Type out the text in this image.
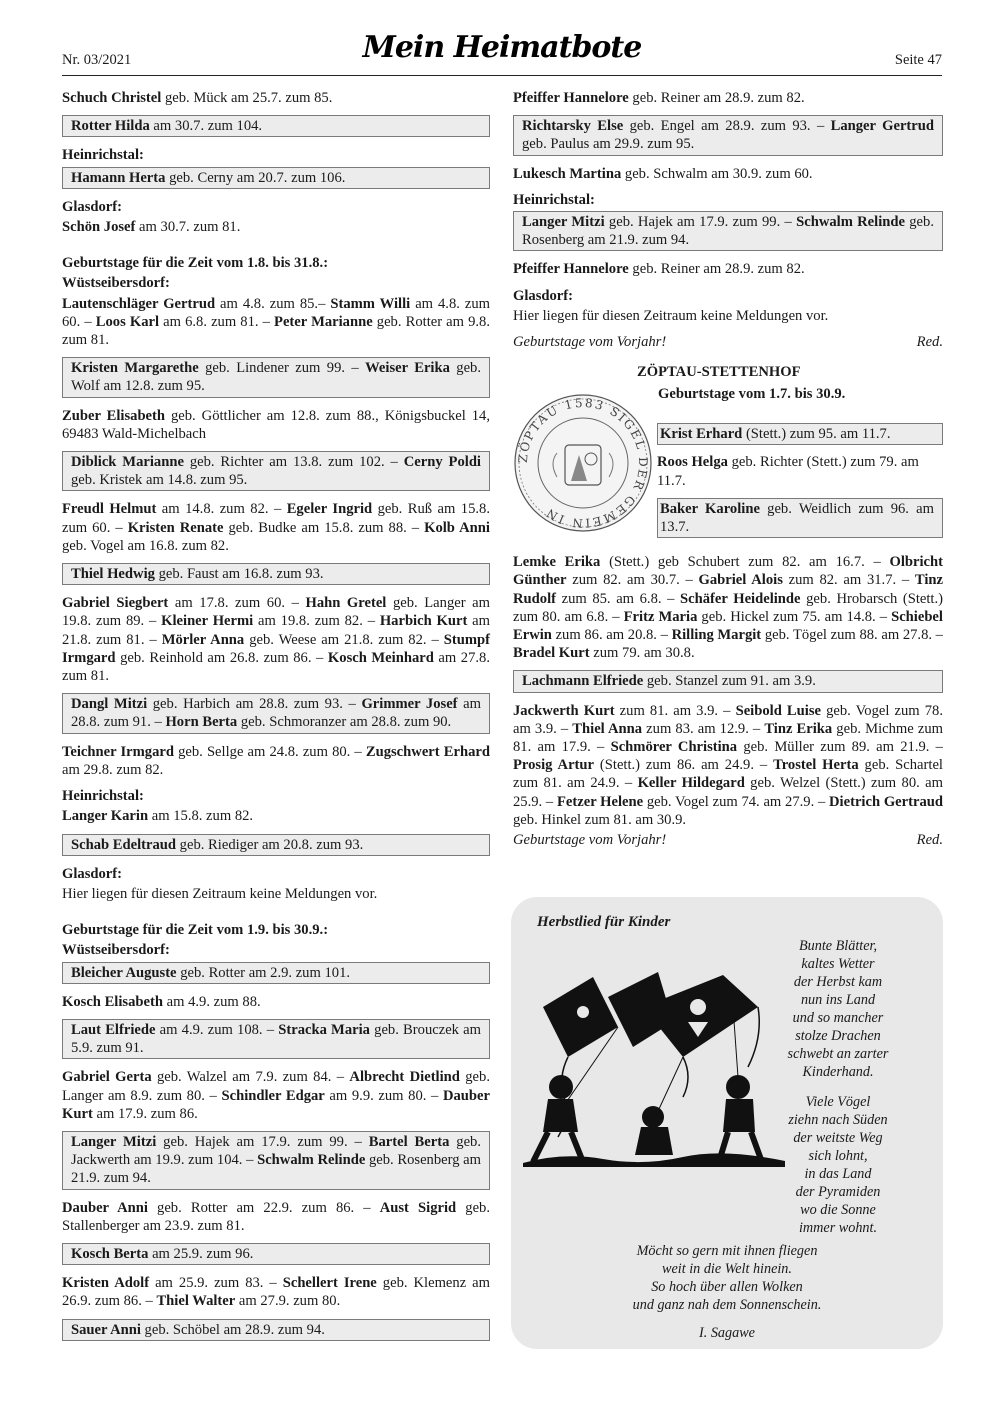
Nr. 03/2021	Mein Heimatbote	Seite 47
Schuch Christel geb. Mück am 25.7. zum 85.
Rotter Hilda am 30.7. zum 104.
Heinrichstal:
Hamann Herta geb. Cerny am 20.7. zum 106.
Glasdorf:
Schön Josef am 30.7. zum 81.
Geburtstage für die Zeit vom 1.8. bis 31.8.:
Wüstseibersdorf:
Lautenschläger Gertrud am 4.8. zum 85.– Stamm Willi am 4.8. zum 60. – Loos Karl am 6.8. zum 81. – Peter Marianne geb. Rotter am 9.8. zum 81.
Kristen Margarethe geb. Lindener zum 99. – Weiser Erika geb. Wolf am 12.8. zum 95.
Zuber Elisabeth geb. Göttlicher am 12.8. zum 88., Königsbuckel 14, 69483 Wald-Michelbach
Diblick Marianne geb. Richter am 13.8. zum 102. – Cerny Poldi geb. Kristek am 14.8. zum 95.
Freudl Helmut am 14.8. zum 82. – Egeler Ingrid geb. Ruß am 15.8. zum 60. – Kristen Renate geb. Budke am 15.8. zum 88. – Kolb Anni geb. Vogel am 16.8. zum 82.
Thiel Hedwig geb. Faust am 16.8. zum 93.
Gabriel Siegbert am 17.8. zum 60. – Hahn Gretel geb. Langer am 19.8. zum 89. – Kleiner Hermi am 19.8. zum 82. – Harbich Kurt am 21.8. zum 81. – Mörler Anna geb. Weese am 21.8. zum 82. – Stumpf Irmgard geb. Reinhold am 26.8. zum 86. – Kosch Meinhard am 27.8. zum 81.
Dangl Mitzi geb. Harbich am 28.8. zum 93. – Grimmer Josef am 28.8. zum 91. – Horn Berta geb. Schmoranzer am 28.8. zum 90.
Teichner Irmgard geb. Sellge am 24.8. zum 80. – Zugschwert Erhard am 29.8. zum 82.
Heinrichstal:
Langer Karin am 15.8. zum 82.
Schab Edeltraud geb. Riediger am 20.8. zum 93.
Glasdorf:
Hier liegen für diesen Zeitraum keine Meldungen vor.
Geburtstage für die Zeit vom 1.9. bis 30.9.:
Wüstseibersdorf:
Bleicher Auguste geb. Rotter am 2.9. zum 101.
Kosch Elisabeth am 4.9. zum 88.
Laut Elfriede am 4.9. zum 108. – Stracka Maria geb. Brouczek am 5.9. zum 91.
Gabriel Gerta geb. Walzel am 7.9. zum 84. – Albrecht Dietlind geb. Langer am 8.9. zum 80. – Schindler Edgar am 9.9. zum 80. – Dauber Kurt am 17.9. zum 86.
Langer Mitzi geb. Hajek am 17.9. zum 99. – Bartel Berta geb. Jackwerth am 19.9. zum 104. – Schwalm Relinde geb. Rosenberg am 21.9. zum 94.
Dauber Anni geb. Rotter am 22.9. zum 86. – Aust Sigrid geb. Stallenberger am 23.9. zum 81.
Kosch Berta am 25.9. zum 96.
Kristen Adolf am 25.9. zum 83. – Schellert Irene geb. Klemenz am 26.9. zum 86. – Thiel Walter am 27.9. zum 80.
Sauer Anni geb. Schöbel am 28.9. zum 94.
Pfeiffer Hannelore geb. Reiner am 28.9. zum 82.
Richtarsky Else geb. Engel am 28.9. zum 93. – Langer Gertrud geb. Paulus am 29.9. zum 95.
Lukesch Martina geb. Schwalm am 30.9. zum 60.
Heinrichstal:
Langer Mitzi geb. Hajek am 17.9. zum 99. – Schwalm Relinde geb. Rosenberg am 21.9. zum 94.
Pfeiffer Hannelore geb. Reiner am 28.9. zum 82.
Glasdorf:
Hier liegen für diesen Zeitraum keine Meldungen vor.
Geburtstage vom Vorjahr!	Red.
ZÖPTAU-STETTENHOF
Geburtstage vom 1.7. bis 30.9.
ZÖPTAU 1583 SIGEL DER GEMEIN IN
Krist Erhard (Stett.) zum 95. am 11.7.
Roos Helga geb. Richter (Stett.) zum 79. am 11.7.
Baker Karoline geb. Weidlich zum 96. am 13.7.
Lemke Erika (Stett.) geb Schubert zum 82. am 16.7. – Olbricht Günther zum 82. am 30.7. – Gabriel Alois zum 82. am 31.7. – Tinz Rudolf zum 85. am 6.8. – Schäfer Heidelinde geb. Hrobarsch (Stett.) zum 80. am 6.8. – Fritz Maria geb. Hickel zum 75. am 14.8. – Schiebel Erwin zum 86. am 20.8. – Rilling Margit geb. Tögel zum 88. am 27.8. – Bradel Kurt zum 79. am 30.8.
Lachmann Elfriede geb. Stanzel zum 91. am 3.9.
Jackwerth Kurt zum 81. am 3.9. – Seibold Luise geb. Vogel zum 78. am 3.9. – Thiel Anna zum 83. am 12.9. – Tinz Erika geb. Michme zum 81. am 17.9. – Schmörer Christina geb. Müller zum 89. am 21.9. – Prosig Artur (Stett.) zum 86. am 24.9. – Trostel Herta geb. Schartel zum 81. am 24.9. – Keller Hildegard geb. Welzel (Stett.) zum 80. am 25.9. – Fetzer Helene geb. Vogel zum 74. am 27.9. – Dietrich Gertraud geb. Hinkel zum 81. am 30.9.
Geburtstage vom Vorjahr!	Red.
Herbstlied für Kinder
Bunte Blätter,
kaltes Wetter
der Herbst kam
nun ins Land
und so mancher
stolze Drachen
schwebt an zarter
Kinderhand.
Viele Vögel
ziehn nach Süden
der weitste Weg
sich lohnt,
in das Land
der Pyramiden
wo die Sonne
immer wohnt.
Möcht so gern mit ihnen fliegen
weit in die Welt hinein.
So hoch über allen Wolken
und ganz nah dem Sonnenschein.
I. Sagawe
